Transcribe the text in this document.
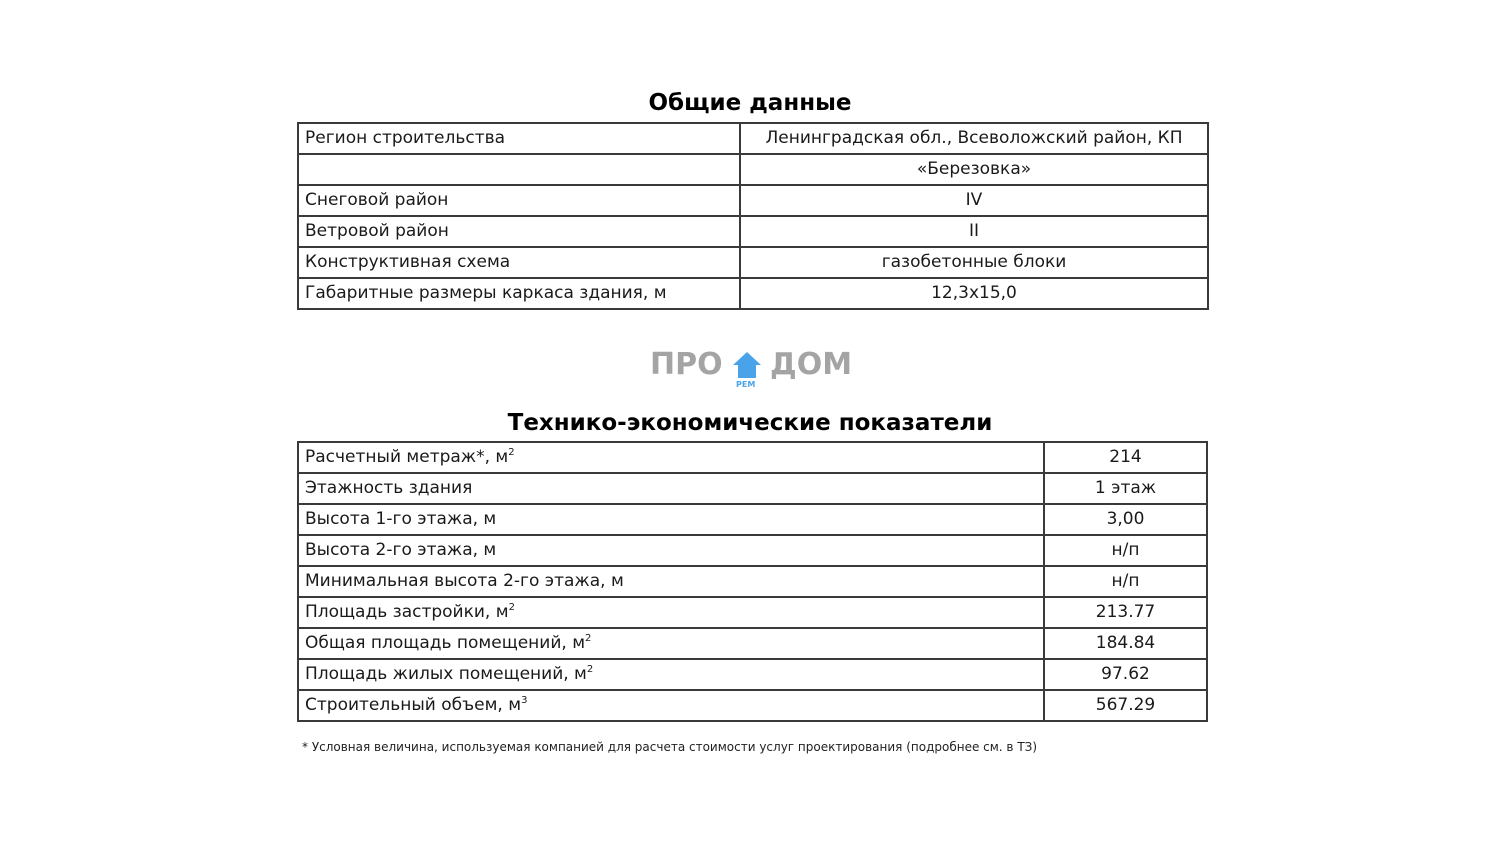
Общие данные
Регион строительства	Ленинградская обл., Всеволожский район, КП
	«Березовка»
Снеговой район	IV
Ветровой район	II
Конструктивная схема	газобетонные блоки
Габаритные размеры каркаса здания, м	12,3x15,0
ПРО
РЕМ
ДОМ
Технико-экономические показатели
Расчетный метраж*, $м^2$	214
Этажность здания	1 этаж
Высота 1-го этажа, м	3,00
Высота 2-го этажа, м	н/п
Минимальная высота 2-го этажа, м	н/п
Площадь застройки, $м^2$	213.77
Общая площадь помещений, $м^2$	184.84
Площадь жилых помещений, $м^2$	97.62
Строительный объем, $м^3$	567.29
* Условная величина, используемая компанией для расчета стоимости услуг проектирования (подробнее см. в ТЗ)
